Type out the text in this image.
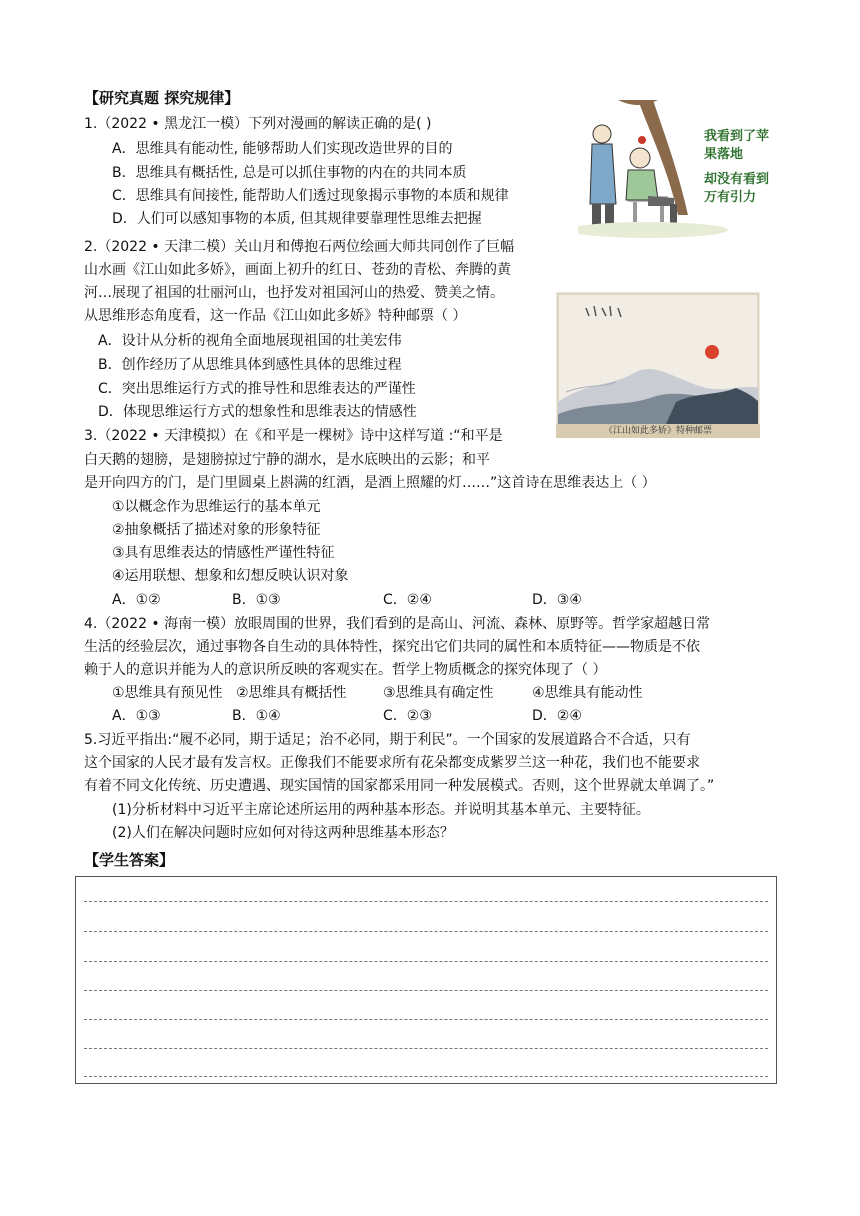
【研究真题 探究规律】
1.（2022 • 黑龙江一模）下列对漫画的解读正确的是( )
A．思维具有能动性, 能够帮助人们实现改造世界的目的
B．思维具有概括性, 总是可以抓住事物的内在的共同本质
C．思维具有间接性, 能帮助人们透过现象揭示事物的本质和规律
D．人们可以感知事物的本质, 但其规律要靠理性思维去把握
我看到了苹
果落地
却没有看到
万有引力
2.（2022 • 天津二模）关山月和傅抱石两位绘画大师共同创作了巨幅
山水画《江山如此多娇》，画面上初升的红日、苍劲的青松、奔腾的黄
河…展现了祖国的壮丽河山，也抒发对祖国河山的热爱、赞美之情。
从思维形态角度看，这一作品《江山如此多娇》特种邮票（ ）
A．设计从分析的视角全面地展现祖国的壮美宏伟
B．创作经历了从思维具体到感性具体的思维过程
C．突出思维运行方式的推导性和思维表达的严谨性
D．体现思维运行方式的想象性和思维表达的情感性
《江山如此多娇》特种邮票
3.（2022 • 天津模拟）在《和平是一棵树》诗中这样写道 :“和平是
白天鹅的翅膀，是翅膀掠过宁静的湖水，是水底映出的云影；和平
是开向四方的门，是门里圆桌上斟满的红酒，是酒上照耀的灯……”这首诗在思维表达上（ ）
①以概念作为思维运行的基本单元
②抽象概括了描述对象的形象特征
③具有思维表达的情感性严谨性特征
④运用联想、想象和幻想反映认识对象
A．①②	B．①③	C．②④	D．③④
4.（2022 • 海南一模）放眼周围的世界，我们看到的是高山、河流、森林、原野等。哲学家超越日常
生活的经验层次，通过事物各自生动的具体特性，探究出它们共同的属性和本质特征——物质是不依
赖于人的意识并能为人的意识所反映的客观实在。哲学上物质概念的探究体现了（ ）
①思维具有预见性 ②思维具有概括性	③思维具有确定性	④思维具有能动性
A．①③	B．①④	C．②③	D．②④
5.习近平指出:“履不必同，期于适足；治不必同，期于利民”。一个国家的发展道路合不合适，只有
这个国家的人民才最有发言权。正像我们不能要求所有花朵都变成紫罗兰这一种花，我们也不能要求
有着不同文化传统、历史遭遇、现实国情的国家都采用同一种发展模式。否则，这个世界就太单调了。”
(1)分析材料中习近平主席论述所运用的两种基本形态。并说明其基本单元、主要特征。
(2)人们在解决问题时应如何对待这两种思维基本形态？
【学生答案】
